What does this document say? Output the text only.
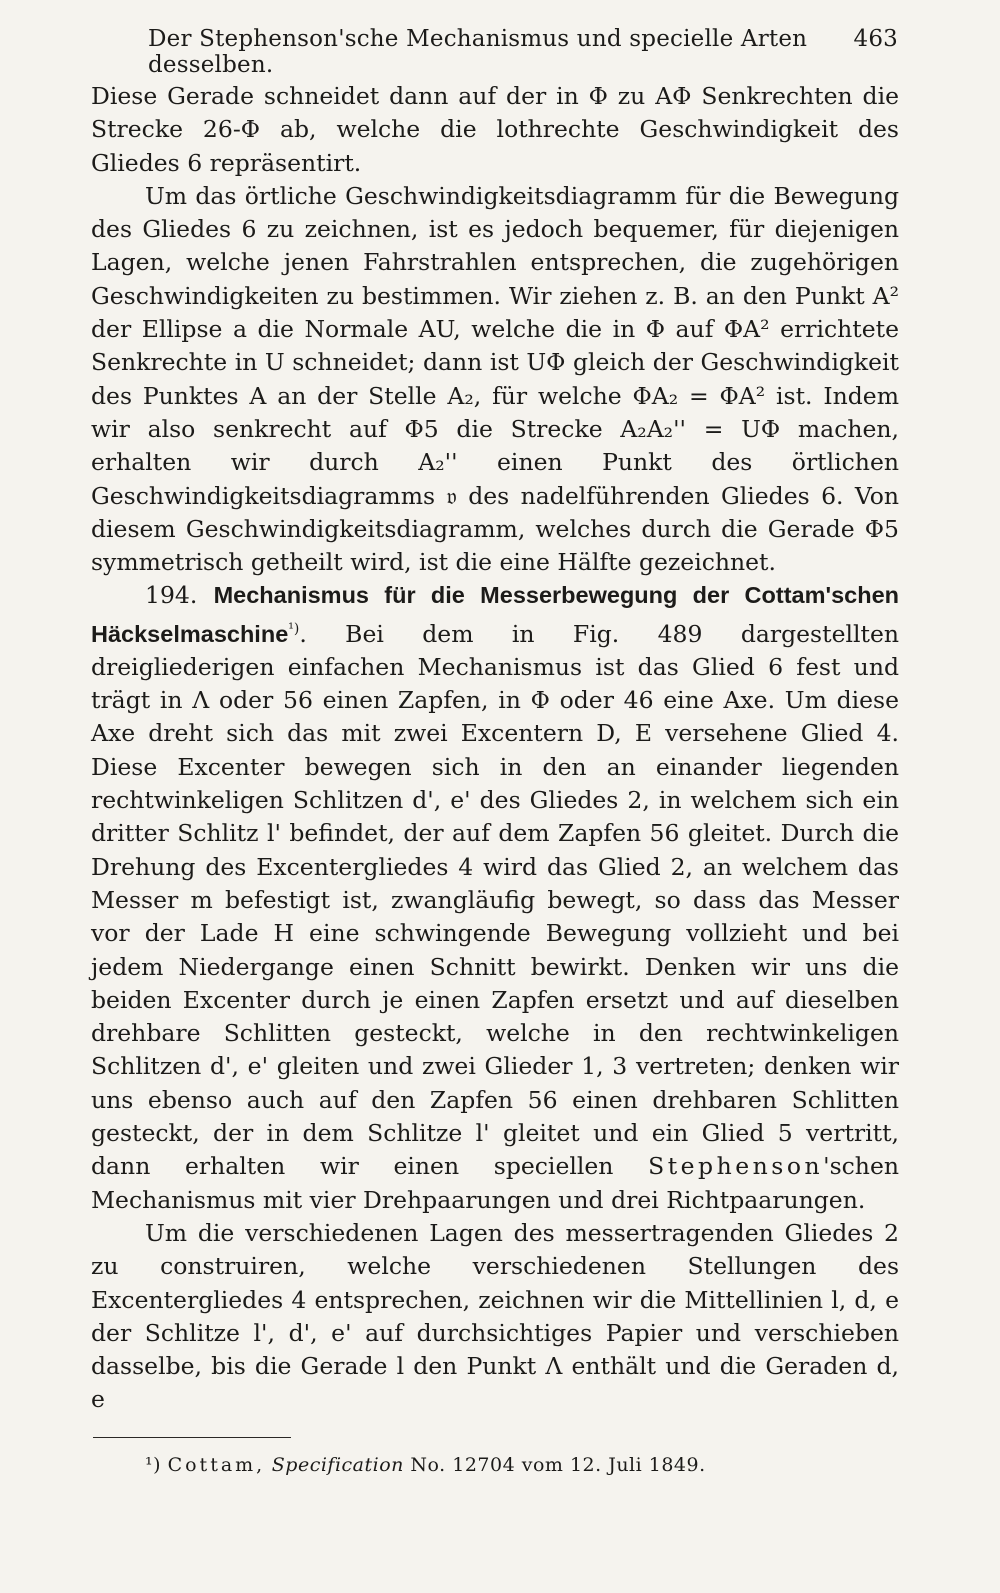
Der Stephenson'sche Mechanismus und specielle Arten desselben.
463

Diese Gerade schneidet dann auf der in Φ zu AΦ Senkrechten die Strecke 26-Φ ab, welche die lothrechte Geschwindigkeit des Gliedes 6 repräsentirt.

Um das örtliche Geschwindigkeitsdiagramm für die Bewegung des Gliedes 6 zu zeichnen, ist es jedoch bequemer, für diejenigen Lagen, welche jenen Fahrstrahlen entsprechen, die zugehörigen Geschwindigkeiten zu bestimmen. Wir ziehen z. B. an den Punkt A² der Ellipse a die Normale AU, welche die in Φ auf ΦA² errichtete Senkrechte in U schneidet; dann ist UΦ gleich der Geschwindigkeit des Punktes A an der Stelle A₂, für welche ΦA₂ = ΦA² ist. Indem wir also senkrecht auf Φ5 die Strecke A₂A₂'' = UΦ machen, erhalten wir durch A₂'' einen Punkt des örtlichen Geschwindigkeitsdiagramms 𝔳 des nadelführenden Gliedes 6. Von diesem Geschwindigkeitsdiagramm, welches durch die Gerade Φ5 symmetrisch getheilt wird, ist die eine Hälfte gezeichnet.

194. Mechanismus für die Messerbewegung der Cottam'schen Häckselmaschine$^{^1)}$. Bei dem in Fig. 489 dargestellten dreigliederigen einfachen Mechanismus ist das Glied 6 fest und trägt in Λ oder 56 einen Zapfen, in Φ oder 46 eine Axe. Um diese Axe dreht sich das mit zwei Excentern D, E versehene Glied 4. Diese Excenter bewegen sich in den an einander liegenden rechtwinkeligen Schlitzen d', e' des Gliedes 2, in welchem sich ein dritter Schlitz l' befindet, der auf dem Zapfen 56 gleitet. Durch die Drehung des Excentergliedes 4 wird das Glied 2, an welchem das Messer m befestigt ist, zwangläufig bewegt, so dass das Messer vor der Lade H eine schwingende Bewegung vollzieht und bei jedem Niedergange einen Schnitt bewirkt. Denken wir uns die beiden Excenter durch je einen Zapfen ersetzt und auf dieselben drehbare Schlitten gesteckt, welche in den rechtwinkeligen Schlitzen d', e' gleiten und zwei Glieder 1, 3 vertreten; denken wir uns ebenso auch auf den Zapfen 56 einen drehbaren Schlitten gesteckt, der in dem Schlitze l' gleitet und ein Glied 5 vertritt, dann erhalten wir einen speciellen Stephenson'schen Mechanismus mit vier Drehpaarungen und drei Richtpaarungen.

Um die verschiedenen Lagen des messertragenden Gliedes 2 zu construiren, welche verschiedenen Stellungen des Excentergliedes 4 entsprechen, zeichnen wir die Mittellinien l, d, e der Schlitze l', d', e' auf durchsichtiges Papier und verschieben dasselbe, bis die Gerade l den Punkt Λ enthält und die Geraden d, e

¹) Cottam, Specification No. 12704 vom 12. Juli 1849.
